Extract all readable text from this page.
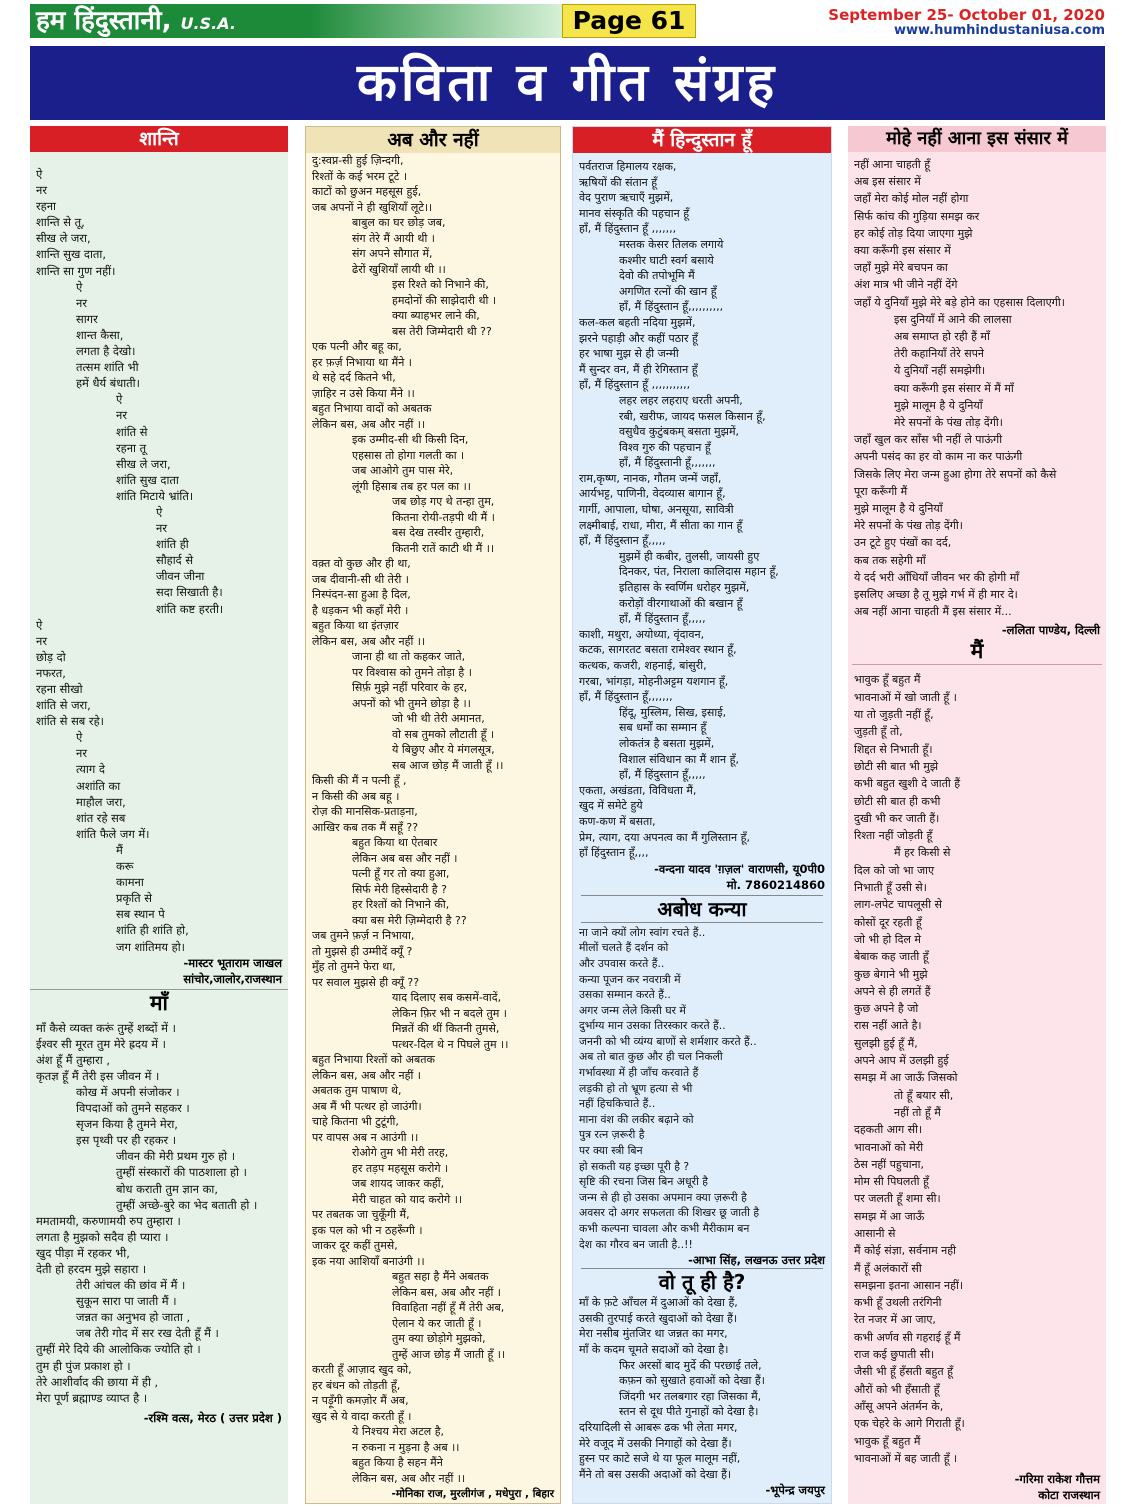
हम हिंदुस्तानी, U.S.A.	Page 61	September 25- October 01, 2020
www.humhindustaniusa.com
कविता व गीत संग्रह
शान्ति
ऐ
नर
रहना
शान्ति से तू,
सीख ले जरा,
शान्ति सुख दाता,
शान्ति सा गुण नहीं।
ऐ
नर
सागर
शान्त कैसा,
लगता है देखो।
तत्सम शांति भी
हमें धैर्य बंधाती।
ऐ
नर
शांति से
रहना तू
सीख ले जरा,
शांति सुख दाता
शांति मिटाये भ्रांति।
ऐ
नर
शांति ही
सौहार्द से
जीवन जीना
सदा सिखाती है।
शांति कष्ट हरती।
ऐ
नर
छोड़ दो
नफरत,
रहना सीखो
शांति से जरा,
शांति से सब रहे।
ऐ
नर
त्याग दे
अशांति का
माहौल जरा,
शांत रहे सब
शांति फैले जग में।
मैं
करू
कामना
प्रकृति से
सब स्थान पे
शांति ही शांति हो,
जग शांतिमय हो।
-मास्टर भूताराम जाखल
सांचोर,जालोर,राजस्थान
माँ
माँ कैसे व्यक्त करूं तुम्हें शब्दों में ।
ईश्वर सी मूरत तुम मेरे ह्रदय में ।
अंश हूँ मैं तुम्हारा ,
कृतज्ञ हूँ मैं तेरी इस जीवन में ।
कोख में अपनी संजोकर ।
विपदाओं को तुमने सहकर ।
सृजन किया है तुमने मेरा,
इस पृथ्वी पर ही रहकर ।
जीवन की मेरी प्रथम गुरु हो ।
तुम्हीं संस्कारों की पाठशाला हो ।
बोध कराती तुम ज्ञान का,
तुम्हीं अच्छे-बुरे का भेद बताती हो ।
ममतामयी, करुणामयी रुप तुम्हारा ।
लगता है मुझको सदैव ही प्यारा ।
खुद पीड़ा में रहकर भी,
देती हो हरदम मुझे सहारा ।
तेरी आंचल की छांव में मैं ।
सुकून सारा पा जाती मैं ।
जन्नत का अनुभव हो जाता ,
जब तेरी गोद में सर रख देती हूँ मैं ।
तुम्हीं मेरे दिये की आलोकिक ज्योति हो ।
तुम ही पुंज प्रकाश हो ।
तेरे आशीर्वाद की छाया में ही ,
मेरा पूर्ण ब्रह्माण्ड व्याप्त है ।
-रश्मि वत्स, मेरठ ( उत्तर प्रदेश )
अब और नहीं
दु:स्वप्न-सी हुई ज़िन्दगी,
रिश्तों के कई भरम टूटे ।
काटों को छुअन महसूस हुई,
जब अपनों ने ही खुशियाँ लूटे।।
बाबुल का घर छोड़ जब,
संग तेरे मैं आयी थी ।
संग अपने सौगात में,
ढेरों खुशियाँ लायी थी ।।
इस रिश्ते को निभाने की,
हमदोनों की साझेदारी थी ।
क्या ब्याहभर लाने की,
बस तेरी जिम्मेदारी थी ??
एक पत्नी और बहू का,
हर फ़र्ज़ निभाया था मैंने ।
थे सहे दर्द कितने भी,
ज़ाहिर न उसे किया मैंने ।।
बहुत निभाया वादों को अबतक
लेकिन बस, अब और नहीं ।।
इक उम्मीद-सी थी किसी दिन,
एहसास तो होगा गलती का ।
जब आओगे तुम पास मेरे,
लूंगी हिसाब तब हर पल का ।।
जब छोड़ गए थे तन्हा तुम,
कितना रोयी-तड़पी थी मैं ।
बस देख तस्वीर तुम्हारी,
कितनी रातें काटी थी मैं ।।
वक़्त वो कुछ और ही था,
जब दीवानी-सी थी तेरी ।
निस्पंदन-सा हुआ है दिल,
है धड़कन भी कहाँ मेरी ।
बहुत किया था इंतज़ार
लेकिन बस, अब और नहीं ।।
जाना ही था तो कहकर जाते,
पर विश्वास को तुमने तोड़ा है ।
सिर्फ़ मुझे नहीं परिवार के हर,
अपनों को भी तुमने छोड़ा है ।।
जो भी थी तेरी अमानत,
वो सब तुमको लौटाती हूँ ।
ये बिछुए और ये मंगलसूत्र,
सब आज छोड़ मैं जाती हूँ ।।
किसी की मैं न पत्नी हूँ ,
न किसी की अब बहू ।
रोज़ की मानसिक-प्रताड़ना,
आखिर कब तक मैं सहूँ ??
बहुत किया था ऐतबार
लेकिन अब बस और नहीं ।
पत्नी हूँ गर तो क्या हुआ,
सिर्फ मेरी हिस्सेदारी है ?
हर रिश्तों को निभाने की,
क्या बस मेरी ज़िम्मेदारी है ??
जब तुमने फ़र्ज़ न निभाया,
तो मुझसे ही उम्मीदें क्यूँ ?
मुँह तो तुमने फेरा था,
पर सवाल मुझसे ही क्यूँ ??
याद दिलाए सब कसमें-वादें,
लेकिन फ़िर भी न बदले तुम ।
मिन्नतें की थीं कितनी तुमसे,
पत्थर-दिल थे न पिघले तुम ।।
बहुत निभाया रिश्तों को अबतक
लेकिन बस, अब और नहीं ।
अबतक तुम पाषाण थे,
अब मैं भी पत्थर हो जाउंगी।
चाहे कितना भी टुटूंगी,
पर वापस अब न आउंगी ।।
रोओगे तुम भी मेरी तरह,
हर तड़प महसूस करोगे ।
जब शायद जाकर कहीं,
मेरी चाहत को याद करोगे ।।
पर तबतक जा चुकूँगी मैं,
इक पल को भी न ठहरूँगी ।
जाकर दूर कहीं तुमसे,
इक नया आशियाँ बनाउंगी ।।
बहुत सहा है मैंने अबतक
लेकिन बस, अब और नहीं ।
विवाहिता नहीं हूँ मैं तेरी अब,
ऐलान ये कर जाती हूँ ।
तुम क्या छोड़ोगे मुझको,
तुम्हें आज छोड़ मैं जाती हूँ ।।
करती हूँ आज़ाद खुद को,
हर बंधन को तोड़ती हूँ,
न पड़ूँगी कमज़ोर मैं अब,
खुद से ये वादा करती हूँ ।
ये निश्चय मेरा अटल है,
न रुकना न मुड़ना है अब ।।
बहुत किया है सहन मैंने
लेकिन बस, अब और नहीं ।।
-मोनिका राज, मुरलीगंज , मधेपुरा , बिहार
मैं हिन्दुस्तान हूँ
पर्वतराज हिमालय रक्षक,
ऋषियों की संतान हूँ
वेद पुराण ऋचाएँ मुझमें,
मानव संस्कृति की पहचान हूँ
हाँ, मैं हिंदुस्तान हूँ ,,,,,,,
मस्तक केसर तिलक लगाये
कश्मीर घाटी स्वर्ग बसाये
देवो की तपोभूमि मैं
अगणित रत्नों की खान हूँ
हाँ, मैं हिंदुस्तान हूँ,,,,,,,,,,
कल-कल बहती नदिया मुझमें,
झरने पहाड़ी और कहीं पठार हूँ
हर भाषा मुझ से ही जन्मी
मैं सुन्दर वन, मैं ही रेगिस्तान हूँ
हाँ, मैं हिंदुस्तान हूँ ,,,,,,,,,,,
लहर लहर लहराए धरती अपनी,
रबी, खरीफ, जायद फसल किसान हूँ,
वसुधैव कुटुंबकम् बसता मुझमें,
विश्व गुरु की पहचान हूँ
हाँ, मैं हिंदुस्तानी हूँ,,,,,,,
राम,कृष्ण, नानक, गौतम जन्में जहाँ,
आर्यभट्ट, पाणिनी, वेदव्यास बागान हूँ,
गार्गी, आपाला, घोषा, अनसूया, सावित्री
लक्ष्मीबाई, राधा, मीरा, मैं सीता का गान हूँ
हाँ, मैं हिंदुस्तान हूँ,,,,,
मुझमें ही कबीर, तुलसी, जायसी हुए
दिनकर, पंत, निराला कालिदास महान हूँ,
इतिहास के स्वर्णिम धरोहर मुझमें,
करोड़ों वीरगाथाओं की बखान हूँ
हाँ, मैं हिंदुस्तान हूँ,,,,,
काशी, मथुरा, अयोध्या, वृंदावन,
कटक, सागरतट बसता रामेश्वर स्थान हूँ,
कत्थक, कजरी, शहनाई, बांसुरी,
गरबा, भांगड़ा, मोहनीअट्टम यशगान हूँ,
हाँ, मैं हिंदुस्तान हूँ,,,,,,,
हिंदू, मुस्लिम, सिख, इसाई,
सब धर्मों का सम्मान हूँ
लोकतंत्र है बसता मुझमें,
विशाल संविधान का मैं शान हूँ,
हाँ, मैं हिंदुस्तान हूँ,,,,,
एकता, अखंडता, विविधता मैं,
खुद में समेटे हुये
कण-कण में बसता,
प्रेम, त्याग, दया अपनत्व का मैं गुलिस्तान हूँ,
हाँ हिंदुस्तान हूँ,,,,
-वन्दना यादव 'ग़ज़ल' वाराणसी, यू0पी0
मो. 7860214860
अबोध कन्या
ना जाने क्यों लोग स्वांग रचते हैं..
मीलों चलते हैं दर्शन को
और उपवास करते हैं..
कन्या पूजन कर नवरात्री में
उसका सम्मान करते हैं..
अगर जन्म लेले किसी घर में
दुर्भाग्य मान उसका तिरस्कार करते हैं..
जननी को भी व्यंग्य बाणों से शर्मशार करते हैं..
अब तो बात कुछ और ही चल निकली
गर्भावस्था में ही जाँच करवाते हैं
लड़की हो तो भ्रूण हत्या से भी
नहीं हिचकिचाते हैं..
माना वंश की लकीर बढ़ाने को
पुत्र रत्न ज़रूरी है
पर क्या स्त्री बिन
हो सकती यह इच्छा पूरी है ?
सृष्टि की रचना जिस बिन अधूरी है
जन्म से ही हो उसका अपमान क्या ज़रूरी है
अवसर दो अगर सफलता की शिखर छू जाती है
कभी कल्पना चावला और कभी मैरीकाम बन
देश का गौरव बन जाती है..!!
-आभा सिंह, लखनऊ उत्तर प्रदेश
वो तू ही है?
माँ के फ़टे आँचल में दुआओं को देखा हैं,
उसकी तुरपाई करते खुदाओं को देखा हैं।
मेरा नसीब मुंतजिर था जन्नत का मगर,
माँ के कदम चूमते सदाओं को देखा है।
फिर अरसों बाद मुर्दे की परछाई तले,
कफ़न को सुखाते हवाओं को देखा हैं।
जिंदगी भर तलबगार रहा जिसका मैं,
स्तन से दूध पीते गुनाहों को देखा है।
दरियादिली से आबरू ढक भी लेता मगर,
मेरे वजूद में उसकी निगाहों को देखा हैं।
हुस्न पर काटे सजे थे या फूल मालूम नहीं,
मैंने तो बस उसकी अदाओं को देखा हैं।
-भूपेन्द्र जयपुर
मोहे नहीं आना इस संसार में
नहीं आना चाहती हूँ
अब इस संसार में
जहाँ मेरा कोई मोल नहीं होगा
सिर्फ कांच की गुड़िया समझ कर
हर कोई तोड़ दिया जाएगा मुझे
क्या करूँगी इस संसार में
जहाँ मुझे मेरे बचपन का
अंश मात्र भी जीने नहीं देंगे
जहाँ ये दुनियाँ मुझे मेरे बड़े होने का एहसास दिलाएगी।
इस दुनियाँ में आने की लालसा
अब समाप्त हो रही हैं माँ
तेरी कहानियाँ तेरे सपने
ये दुनियाँ नहीं समझेगी।
क्या करूँगी इस संसार में मैं माँ
मुझे मालूम है ये दुनियाँ
मेरे सपनों के पंख तोड़ देंगी।
जहाँ खुल कर साँस भी नहीं ले पाऊंगी
अपनी पसंद का हर वो काम ना कर पाऊंगी
जिसके लिए मेरा जन्म हुआ होगा तेरे सपनों को कैसे
पूरा करूँगी मैं
मुझे मालूम है ये दुनियाँ
मेरे सपनों के पंख तोड़ देंगी।
उन टूटे हुए पंखों का दर्द,
कब तक सहेगी माँ
ये दर्द भरी आँधियाँ जीवन भर की होगी माँ
इसलिए अच्छा है तू मुझे गर्भ में ही मार दे।
अब नहीं आना चाहती मैं इस संसार में...
-ललिता पाण्डेय, दिल्ली
मैं
भावुक हूँ बहुत मैं
भावनाओं में खो जाती हूँ ।
या तो जुड़ती नहीं हूँ,
जुड़ती हूँ तो,
शिद्दत से निभाती हूँ।
छोटी सी बात भी मुझे
कभी बहुत खुशी दे जाती हैं
छोटी सी बात ही कभी
दुखी भी कर जाती हैं।
रिश्ता नहीं जोड़ती हूँ
मैं हर किसी से
दिल को जो भा जाए
निभाती हूँ उसी से।
लाग-लपेट चापलूसी से
कोसों दूर रहती हूँ
जो भी हो दिल मे
बेबाक कह जाती हूँ
कुछ बेगाने भी मुझे
अपने से ही लगतें हैं
कुछ अपने है जो
रास नहीं आते है।
सुलझी हुई हूँ मैं,
अपने आप में उलझी हुई
समझ में आ जाऊँ जिसको
तो हूँ बयार सी,
नहीं तो हूँ मैं
दहकती आग सी।
भावनाओं को मेरी
ठेस नहीं पहुचाना,
मोम सी पिघलती हूँ
पर जलती हूँ शमा सी।
समझ में आ जाऊँ
आसानी से
मैं कोई संज्ञा, सर्वनाम नही
मैं हूँ अलंकारों सी
समझना इतना आसान नहीं।
कभी हूँ उथली तरंगिनी
रेत नजर में आ जाए,
कभी अर्णव सी गहराई हूँ मैं
राज कई छुपाती सी।
जैसी भी हूँ हँसती बहुत हूँ
औरों को भी हँसाती हूँ
आँसू अपने अंतर्मन के,
एक चेहरे के आगे गिराती हूँ।
भावुक हूँ बहुत मैं
भावनाओं में बह जाती हूँ ।
-गरिमा राकेश गौत्तम
कोटा राजस्थान
